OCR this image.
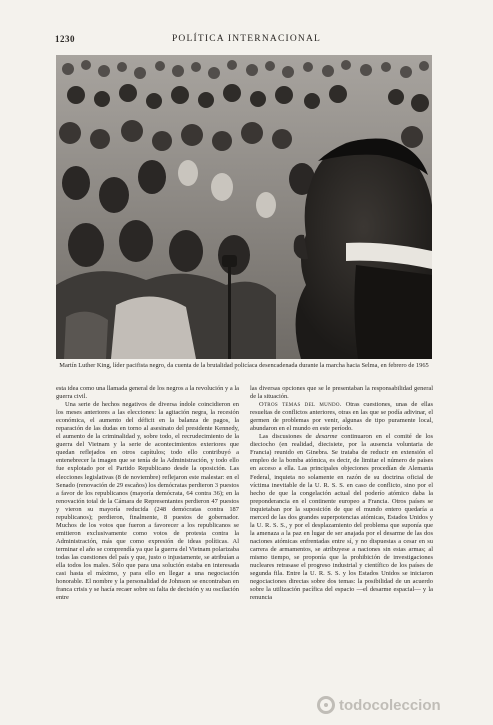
1230	POLÍTICA INTERNACIONAL
Martín Luther King, líder pacifista negro, da cuenta de la brutalidad policíaca desencadenada durante la marcha hacia Selma, en febrero de 1965

esta idea como una llamada general de los negros a la revolución y a la guerra civil.

Una serie de hechos negativos de diversa índole coincidieron en los meses anteriores a las elecciones: la agitación negra, la recesión económica, el aumento del déficit en la balanza de pagos, la reparación de las dudas en torno al asesinato del presidente Kennedy, el aumento de la criminalidad y, sobre todo, el recrudecimiento de la guerra del Vietnam y la serie de acontecimientos exteriores que quedan reflejados en otros capítulos; todo ello contribuyó a entenebrecer la imagen que se tenía de la Administración, y todo ello fue explotado por el Partido Republicano desde la oposición. Las elecciones legislativas (8 de noviembre) reflejaron este malestar: en el Senado (renovación de 29 escaños) los demócratas perdieron 3 puestos a favor de los republicanos (mayoría demócrata, 64 contra 36); en la renovación total de la Cámara de Representantes perdieron 47 puestos y vieron su mayoría reducida (248 demócratas contra 187 republicanos); perdieron, finalmente, 8 puestos de gobernador. Muchos de los votos que fueron a favorecer a los republicanos se emitieron exclusivamente como votos de protesta contra la Administración, más que como expresión de ideas políticas. Al terminar el año se comprendía ya que la guerra del Vietnam polarizaba todas las cuestiones del país y que, justo o injustamente, se atribuían a ella todos los males. Sólo que para una solución estaba en interesada casi hasta el máximo, y para ello en llegar a una negociación honorable. El nombre y la personalidad de Johnson se encontraban en franca crisis y se hacía recaer sobre su falta de decisión y su oscilación entre

las diversas opciones que se le presentaban la responsabilidad general de la situación.

Otros temas del mundo. Otras cuestiones, unas de ellas resueltas de conflictos anteriores, otras en las que se podía adivinar, el germen de problemas por venir, algunas de tipo puramente local, abundaron en el mundo en este período.

Las discusiones de desarme continuaron en el comité de los dieciocho (en realidad, diecisiete, por la ausencia voluntaria de Francia) reunido en Ginebra. Se trataba de reducir en extensión el empleo de la bomba atómica, es decir, de limitar el número de países en acceso a ella. Las principales objeciones procedían de Alemania Federal, inquieta no solamente en razón de su doctrina oficial de víctima inevitable de la U. R. S. S. en caso de conflicto, sino por el hecho de que la congelación actual del poderío atómico daba la preponderancia en el continente europeo a Francia. Otros países se inquietaban por la suposición de que el mundo entero quedaría a merced de las dos grandes superpotencias atómicas, Estados Unidos y la U. R. S. S., y por el desplazamiento del problema que suponía que la amenaza a la paz en lugar de ser anajada por el desarme de las dos naciones atómicas enfrentadas entre sí, y no dispuestas a cesar en su carrera de armamentos, se atribuyese a naciones sin estas armas; al mismo tiempo, se proponía que la prohibición de investigaciones nucleares retrasase el progreso industrial y científico de los países de segunda fila. Entre la U. R. S. S. y los Estados Unidos se iniciaron negociaciones directas sobre dos temas: la posibilidad de un acuerdo sobre la utilización pacífica del espacio —el desarme espacial— y la renuncia

todocoleccion
